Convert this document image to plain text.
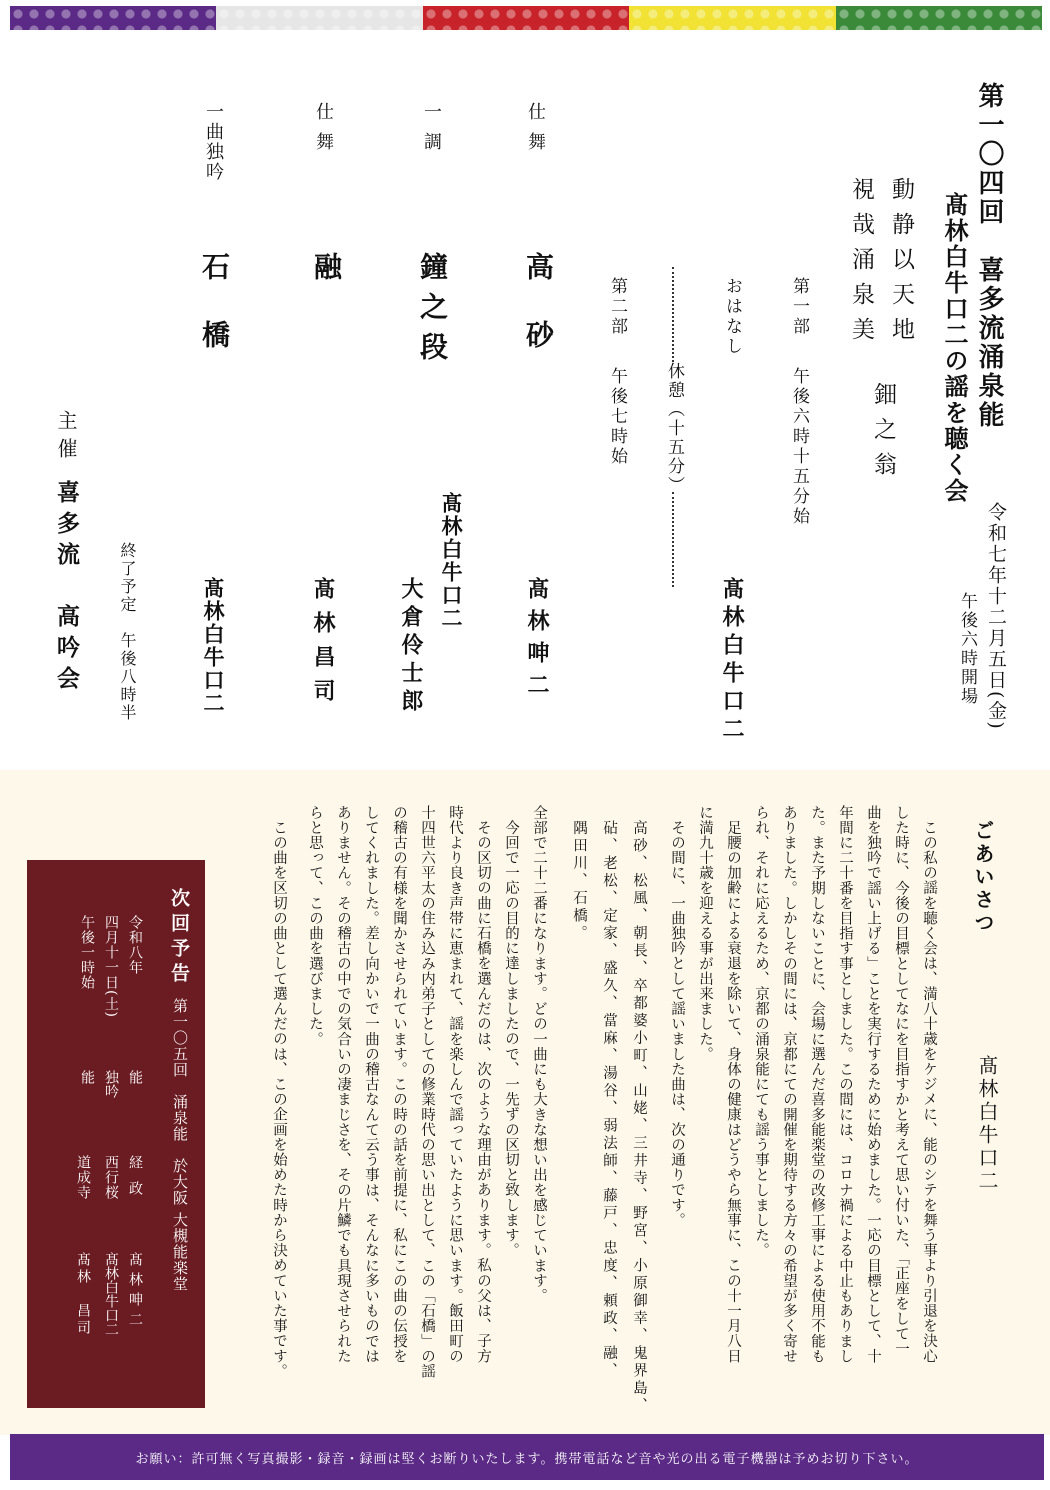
第一〇四回　喜多流涌泉能
髙林白牛口二の謡を聴く会
令和七年十二月五日(金)
午後六時開場
動静以天地
視哉涌泉美
鈿之翁
第一部
午後六時十五分始
おはなし
髙林白牛口二
休憩（十五分）
第二部
午後七時始
仕舞
高砂
髙林呻二
一調
鐘之段
髙林白牛口二
大倉伶士郎
仕舞
融
髙林昌司
一曲独吟
石橋
髙林白牛口二
終了予定　午後八時半
主催
喜多流　高吟会
ごあいさつ
髙林白牛口二
この私の謡を聴く会は、満八十歳をケジメに、能のシテを舞う事より引退を決心
した時に、今後の目標としてなにを目指すかと考えて思い付いた、「正座をして一
曲を独吟で謡い上げる」ことを実行するために始めました。一応の目標として、十
年間に二十番を目指す事としました。この間には、コロナ禍による中止もありまし
た。また予期しないことに、会場に選んだ喜多能楽堂の改修工事による使用不能も
ありました。しかしその間には、京都にての開催を期待する方々の希望が多く寄せ
られ、それに応えるため、京都の涌泉能にても謡う事としました。
足腰の加齢による衰退を除いて、身体の健康はどうやら無事に、この十一月八日
に満九十歳を迎える事が出来ました。
その間に、一曲独吟として謡いました曲は、次の通りです。
高砂、松風、朝長、卒都婆小町、山姥、三井寺、野宮、小原御幸、鬼界島、
砧、老松、定家、盛久、當麻、湯谷、弱法師、藤戸、忠度、頼政、融、
隅田川、石橋。
全部で二十二番になります。どの一曲にも大きな想い出を感じています。
今回で一応の目的に達しましたので、一先ずの区切と致します。
その区切の曲に石橋を選んだのは、次のような理由があります。私の父は、子方
時代より良き声帯に恵まれて、謡を楽しんで謡っていたように思います。飯田町の
十四世六平太の住み込み内弟子としての修業時代の思い出として、この「石橋」の謡
の稽古の有様を聞かさせられています。この時の話を前提に、私にこの曲の伝授を
してくれました。差し向かいで一曲の稽古なんて云う事は、そんなに多いものでは
ありません。その稽古の中での気合いの凄まじさを、その片鱗でも具現させられた
らと思って、この曲を選びました。
この曲を区切の曲として選んだのは、この企画を始めた時から決めていた事です。
次回予告
第一〇五回　涌泉能　於大阪 大槻能楽堂
令和八年
四月十一日(土)
午後一時始
能
経政
髙林呻二
独吟
西行桜
髙林白牛口二
能
道成寺
髙林　昌司
お願い：許可無く写真撮影・録音・録画は堅くお断りいたします。携帯電話など音や光の出る電子機器は予めお切り下さい。
